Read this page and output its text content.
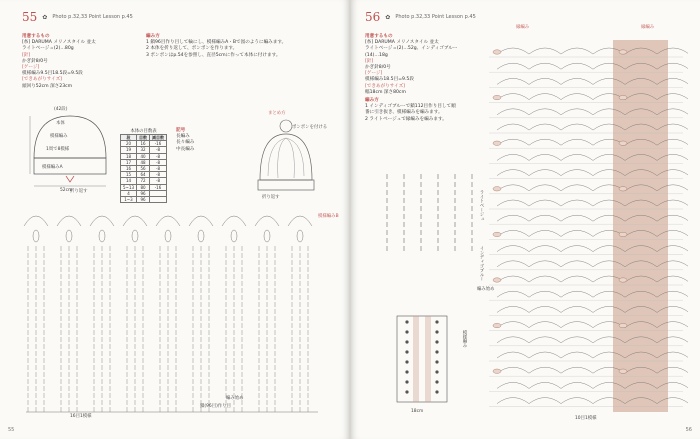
55 ✿ Photo p.32,33 Point Lesson p.45
用意するもの
[糸] DARUMA メリノスタイル 並太
ライトベージュ(2)…80g
[針]
かぎ針8/0号
[ゲージ]
模様編み9.5目18.5段=9.5段
[できあがりサイズ]
頭回り52cm 深さ23cm
編み方
1 鎖96目作り目して輪にし、模様編みA・Bで図のように編みます。
2 本体を折り返して、ポンポンを作ります。
3 ポンポンはp.54を参照し、直径5cmに作って本体に付けます。
本体
模様編み
1周で8模様
(42段)
52cm
模様編みA
折り返す
本体の目数表
段	目数	減目数
20	16	-16
19	32	-8
18	40	-8
17	48	-8
16	56	-8
15	64	-8
14	72	-8
5~13	80	-16
4	96	
1~3	96	
記号
長編み
長々編み
中長編み
まとめ方
ポンポンを付ける
折り返す
模様編みB
鎖(96目)作り目
編み始め
16目1模様
55
56 ✿ Photo p.32,33 Point Lesson p.45
用意するもの
[糸] DARUMA メリノスタイル 並太
ライトベージュ(2)…52g、インディゴブルー
(14)…18g
[針]
かぎ針8/0号
[ゲージ]
模様編み18.5目=9.5段
[できあがりサイズ]
幅18cm 深さ80cm
編み方
1 インディゴブルーで鎖112目作り目して順
番に引き抜き、模様編みを編みます。
2 ライトベージュで縁編みを編みます。
18cm
模様編み
縁編み	縁編み
インディゴブルー
ライトベージュ
編み始め
10目1模様
56
